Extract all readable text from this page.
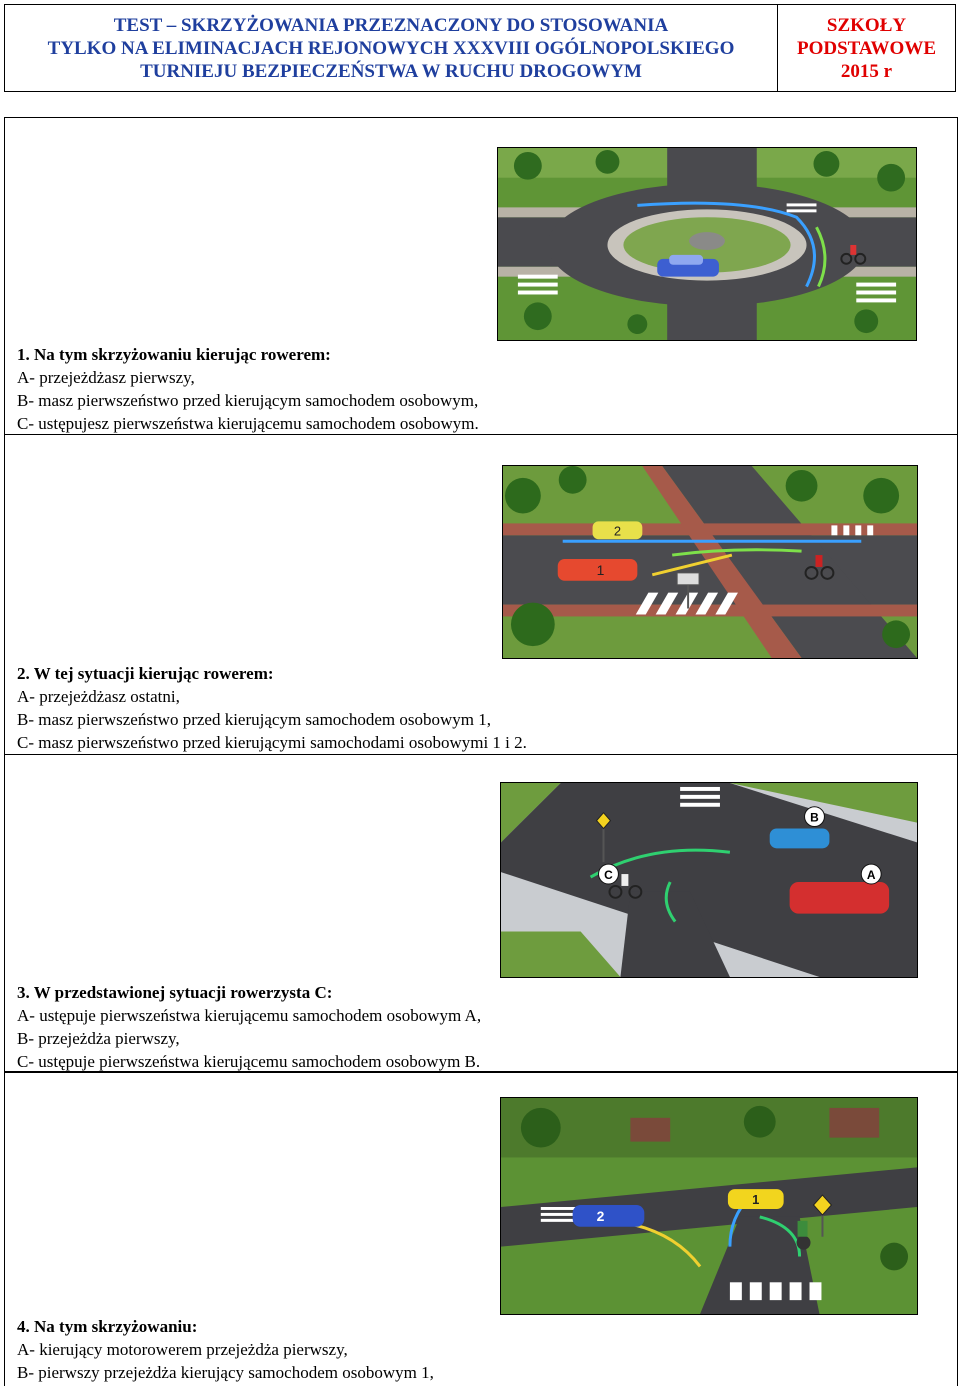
TEST – SKRZYŻOWANIA PRZEZNACZONY DO STOSOWANIA
TYLKO NA ELIMINACJACH REJONOWYCH XXXVIII OGÓLNOPOLSKIEGO
TURNIEJU BEZPIECZEŃSTWA W RUCHU DROGOWYM
SZKOŁY
PODSTAWOWE
2015 r
1. Na tym skrzyżowaniu kierując rowerem:
A- przejeżdżasz pierwszy,
B- masz pierwszeństwo przed kierującym samochodem osobowym,
C- ustępujesz pierwszeństwa kierującemu samochodem osobowym.
2
1
2. W tej sytuacji kierując rowerem:
A- przejeżdżasz ostatni,
B- masz pierwszeństwo przed kierującym samochodem osobowym 1,
C- masz pierwszeństwo przed kierującymi samochodami osobowymi 1 i 2.
B
C	A
3. W przedstawionej sytuacji rowerzysta C:
A- ustępuje pierwszeństwa kierującemu samochodem osobowym A,
B- przejeżdża pierwszy,
C- ustępuje pierwszeństwa kierującemu samochodem osobowym B.
2
1
4. Na tym skrzyżowaniu:
A- kierujący motorowerem przejeżdża pierwszy,
B- pierwszy przejeżdża kierujący samochodem osobowym 1,
